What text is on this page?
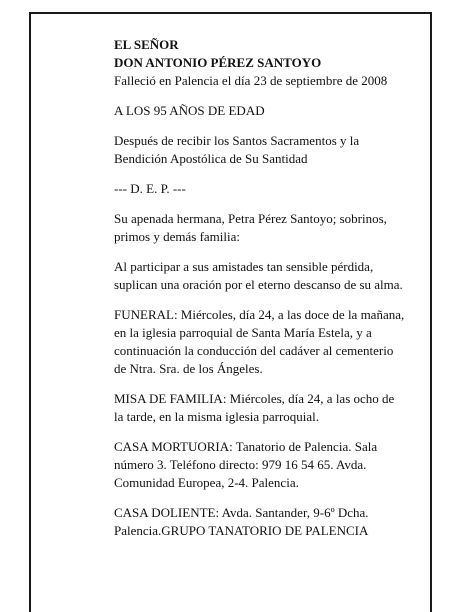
EL SEÑOR

DON ANTONIO PÉREZ SANTOYO

Falleció en Palencia el día 23 de septiembre de 2008

A LOS 95 AÑOS DE EDAD

Después de recibir los Santos Sacramentos y la
Bendición Apostólica de Su Santidad

--- D. E. P. ---

Su apenada hermana, Petra Pérez Santoyo; sobrinos,
primos y demás familia:

Al participar a sus amistades tan sensible pérdida,
suplican una oración por el eterno descanso de su alma.

FUNERAL: Miércoles, día 24, a las doce de la mañana,
en la iglesia parroquial de Santa María Estela, y a
continuación la conducción del cadáver al cementerio
de Ntra. Sra. de los Ángeles.

MISA DE FAMILIA: Miércoles, día 24, a las ocho de
la tarde, en la misma iglesia parroquial.

CASA MORTUORIA: Tanatorio de Palencia. Sala
número 3. Teléfono directo: 979 16 54 65. Avda.
Comunidad Europea, 2-4. Palencia.

CASA DOLIENTE: Avda. Santander, 9-6º Dcha.
Palencia.GRUPO TANATORIO DE PALENCIA
